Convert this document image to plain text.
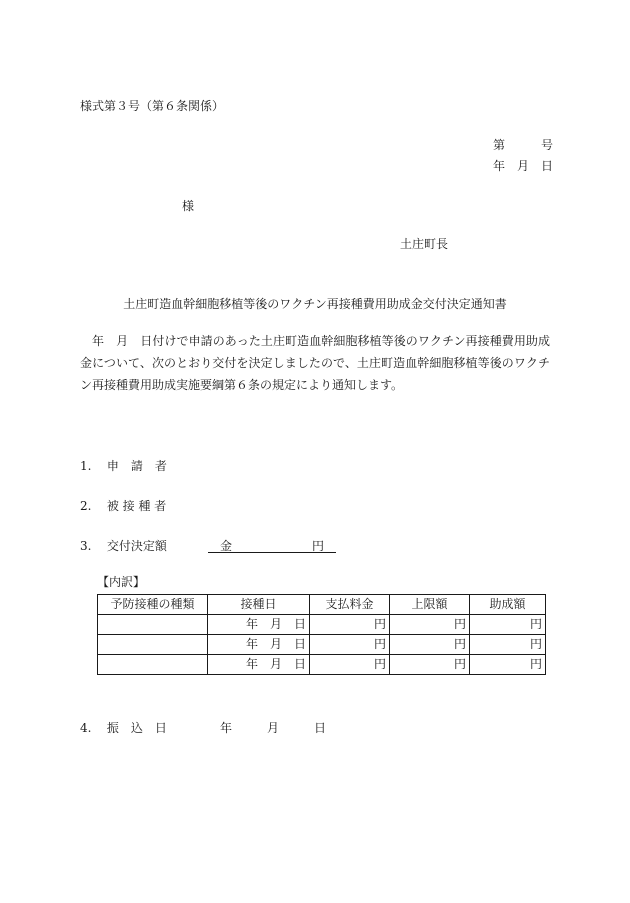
様式第３号（第６条関係）
第　　　号
年　月　日
様
土庄町長
土庄町造血幹細胞移植等後のワクチン再接種費用助成金交付決定通知書

年　月　日付けで申請のあった土庄町造血幹細胞移植等後のワクチン再接種費用助成金について、次のとおり交付を決定しましたので、土庄町造血幹細胞移植等後のワクチン再接種費用助成実施要綱第６条の規定により通知します。

1. 申　請　者
2. 被 接 種 者
3. 交付決定額	金	円
【内訳】
予防接種の種類	接種日	支払料金	上限額	助成額
	年　月　日	円	円	円
	年　月　日	円	円	円
	年　月　日	円	円	円
4. 振　込　日	年	月	日
